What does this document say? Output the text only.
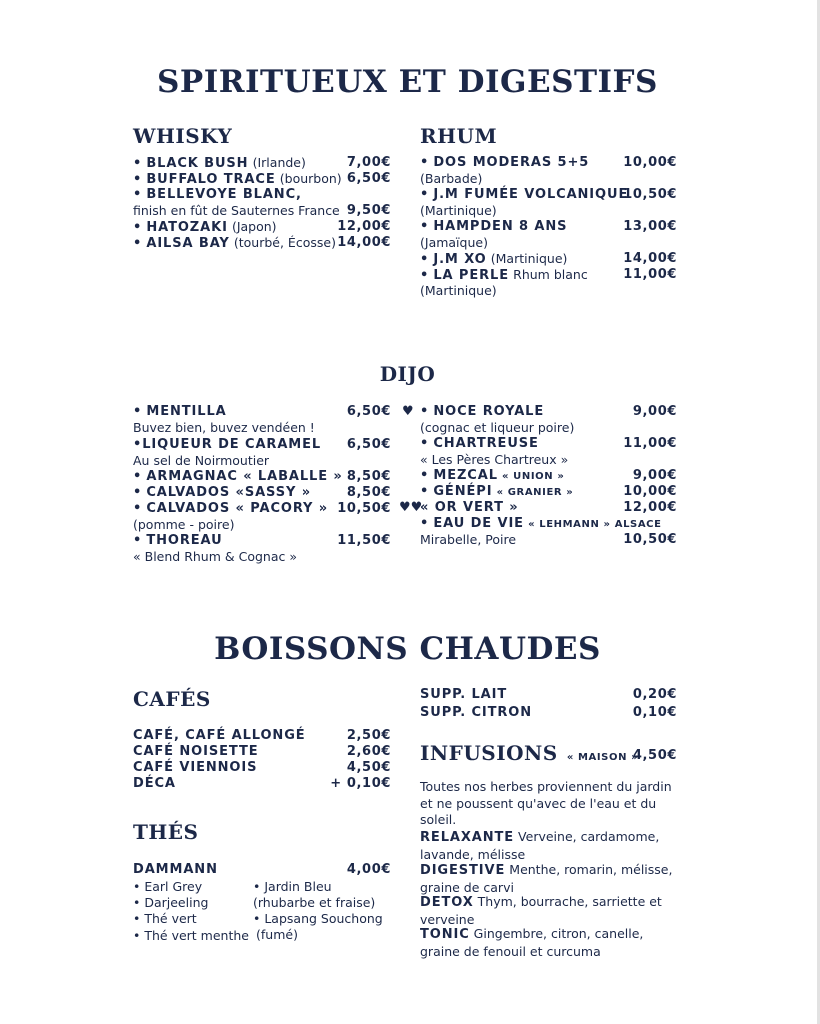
SPIRITUEUX ET DIGESTIFS
WHISKY
• BLACK BUSH (Irlande)	7,00€
• BUFFALO TRACE (bourbon) 6,50€
• BELLEVOYE BLANC,
finish en fût de Sauternes France 9,50€
• HATOZAKI (Japon)	12,00€
• AILSA BAY (tourbé, Écosse) 14,00€
RHUM
• DOS MODERAS 5+5	10,00€
(Barbade)
• J.M FUMÉE VOLCANIQUE
10,50€
(Martinique)
• HAMPDEN 8 ANS	13,00€
(Jamaïque)
• J.M XO (Martinique)	14,00€
• LA PERLE Rhum blanc	11,00€
(Martinique)
DIJO
• MENTILLA	6,50€
Buvez bien, buvez vendéen !
•LIQUEUR DE CARAMEL 6,50€
Au sel de Noirmoutier
• ARMAGNAC « LABALLE » 8,50€
• CALVADOS «SASSY »	8,50€
• CALVADOS « PACORY » 10,50€
(pomme - poire)
• THOREAU	11,50€
« Blend Rhum & Cognac »
♥ • NOCE ROYALE	9,00€
(cognac et liqueur poire)
• CHARTREUSE	11,00€
« Les Pères Chartreux »
• MEZCAL « UNION »	9,00€
• GÉNÉPI « GRANIER »	10,00€
♥♥
« OR VERT »	12,00€
• EAU DE VIE « LEHMANN » ALSACE
Mirabelle, Poire	10,50€
BOISSONS CHAUDES
CAFÉS
CAFÉ, CAFÉ ALLONGÉ	2,50€
CAFÉ NOISETTE	2,60€
CAFÉ VIENNOIS	4,50€
DÉCA	+ 0,10€
SUPP. LAIT	0,20€
SUPP. CITRON	0,10€
INFUSIONS « MAISON »
4,50€
Toutes nos herbes proviennent du jardin et ne poussent qu'avec de l'eau et du soleil.
RELAXANTE Verveine, cardamome, lavande, mélisse
DIGESTIVE Menthe, romarin, mélisse, graine de carvi
DETOX Thym, bourrache, sarriette et verveine
TONIC Gingembre, citron, canelle, graine de fenouil et curcuma
THÉS
DAMMANN	4,00€
• Earl Grey
• Darjeeling
• Thé vert
• Thé vert menthe
• Jardin Bleu
(rhubarbe et fraise)
• Lapsang Souchong
(fumé)
